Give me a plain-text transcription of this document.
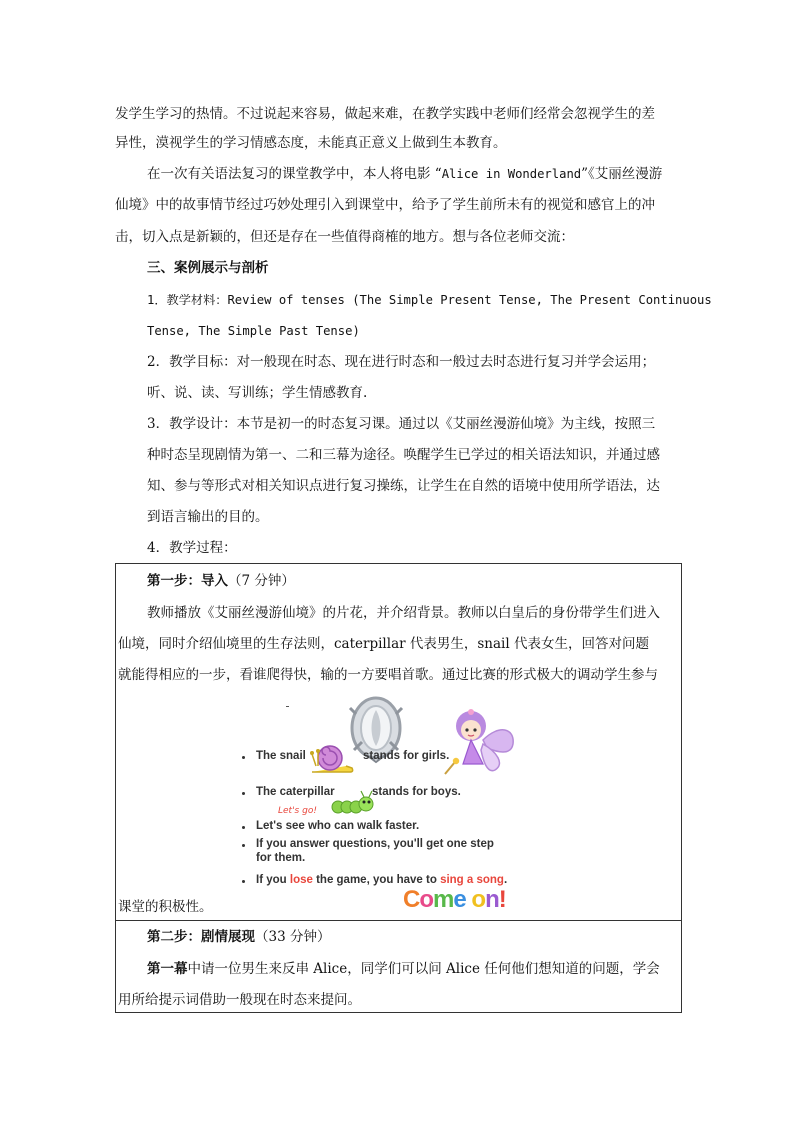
发学生学习的热情。不过说起来容易，做起来难，在教学实践中老师们经常会忽视学生的差
异性，漠视学生的学习情感态度，未能真正意义上做到生本教育。
在一次有关语法复习的课堂教学中，本人将电影 “Alice in Wonderland”《艾丽丝漫游
仙境》中的故事情节经过巧妙处理引入到课堂中，给予了学生前所未有的视觉和感官上的冲
击，切入点是新颖的，但还是存在一些值得商榷的地方。想与各位老师交流：
三、案例展示与剖析
1．教学材料：Review of tenses (The Simple Present Tense, The Present Continuous
Tense, The Simple Past Tense)
2．教学目标：对一般现在时态、现在进行时态和一般过去时态进行复习并学会运用；
听、说、读、写训练；学生情感教育.
3．教学设计：本节是初一的时态复习课。通过以《艾丽丝漫游仙境》为主线，按照三
种时态呈现剧情为第一、二和三幕为途径。唤醒学生已学过的相关语法知识，并通过感
知、参与等形式对相关知识点进行复习操练，让学生在自然的语境中使用所学语法，达
到语言输出的目的。
4．教学过程：
第一步：导入（7 分钟）
教师播放《艾丽丝漫游仙境》的片花，并介绍背景。教师以白皇后的身份带学生们进入
仙境，同时介绍仙境里的生存法则，caterpillar 代表男生，snail 代表女生，回答对问题
就能得相应的一步，看谁爬得快，输的一方要唱首歌。通过比赛的形式极大的调动学生参与
The snail	stands for girls.
The caterpillar	stands for boys.
Let's go!
Let's see who can walk faster.
If you answer questions, you'll get one step
for them.
If you lose the game, you have to sing a song.
Come on!
课堂的积极性。
第二步：剧情展现（33 分钟）
第一幕中请一位男生来反串 Alice，同学们可以问 Alice 任何他们想知道的问题，学会
用所给提示词借助一般现在时态来提问。
